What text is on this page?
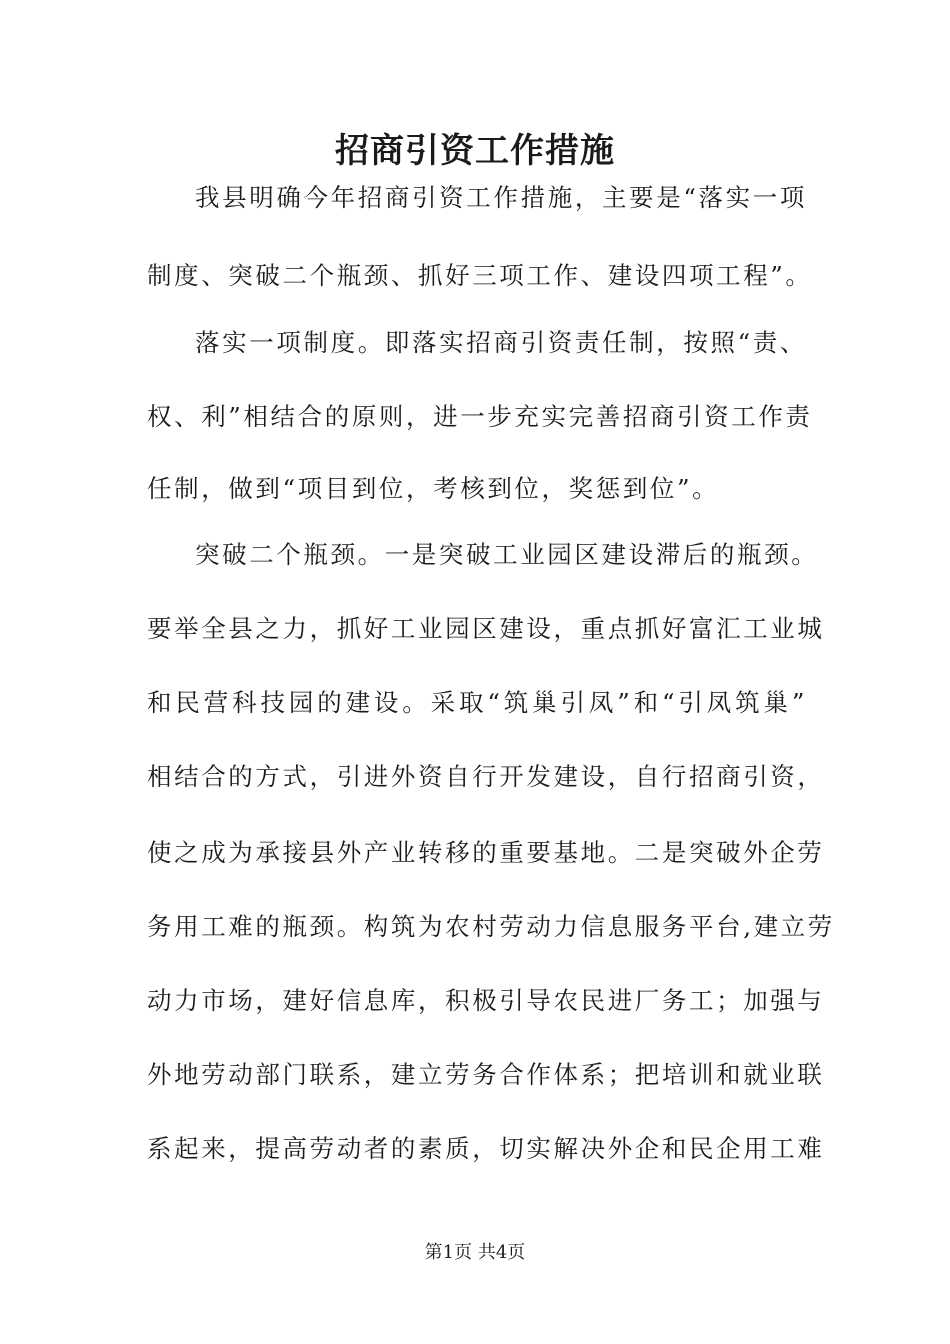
招商引资工作措施
我县明确今年招商引资工作措施，主要是“落实一项
制度、突破二个瓶颈、抓好三项工作、建设四项工程”。
落实一项制度。即落实招商引资责任制，按照“责、
权、利”相结合的原则，进一步充实完善招商引资工作责
任制，做到“项目到位，考核到位，奖惩到位”。
突破二个瓶颈。一是突破工业园区建设滞后的瓶颈。
要举全县之力，抓好工业园区建设，重点抓好富汇工业城
和民营科技园的建设。采取“筑巢引凤”和“引凤筑巢”
相结合的方式，引进外资自行开发建设，自行招商引资，
使之成为承接县外产业转移的重要基地。二是突破外企劳
务用工难的瓶颈。构筑为农村劳动力信息服务平台,建立劳
动力市场，建好信息库，积极引导农民进厂务工；加强与
外地劳动部门联系，建立劳务合作体系；把培训和就业联
系起来，提高劳动者的素质，切实解决外企和民企用工难
第1页 共4页
